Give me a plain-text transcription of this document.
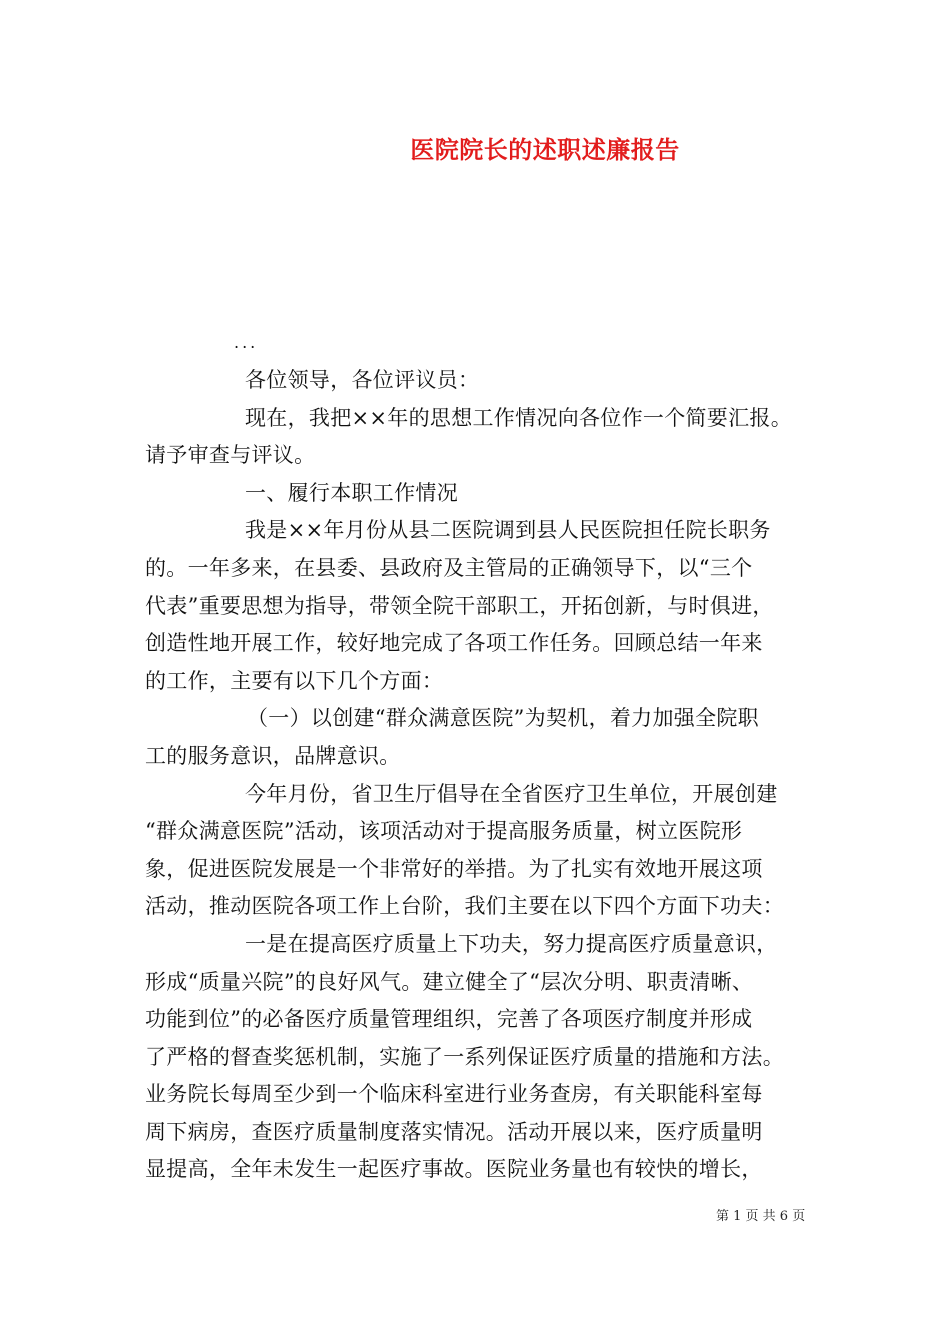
医院院长的述职述廉报告
...
各位领导，各位评议员：
现在，我把××年的思想工作情况向各位作一个简要汇报。
请予审查与评议。
一、履行本职工作情况
我是××年月份从县二医院调到县人民医院担任院长职务
的。一年多来，在县委、县政府及主管局的正确领导下，以“三个
代表”重要思想为指导，带领全院干部职工，开拓创新，与时俱进，
创造性地开展工作，较好地完成了各项工作任务。回顾总结一年来
的工作，主要有以下几个方面：
（一）以创建“群众满意医院”为契机，着力加强全院职
工的服务意识，品牌意识。
今年月份，省卫生厅倡导在全省医疗卫生单位，开展创建
“群众满意医院”活动，该项活动对于提高服务质量，树立医院形
象，促进医院发展是一个非常好的举措。为了扎实有效地开展这项
活动，推动医院各项工作上台阶，我们主要在以下四个方面下功夫：
一是在提高医疗质量上下功夫，努力提高医疗质量意识，
形成“质量兴院”的良好风气。建立健全了“层次分明、职责清晰、
功能到位”的必备医疗质量管理组织，完善了各项医疗制度并形成
了严格的督查奖惩机制，实施了一系列保证医疗质量的措施和方法。
业务院长每周至少到一个临床科室进行业务查房，有关职能科室每
周下病房，查医疗质量制度落实情况。活动开展以来，医疗质量明
显提高，全年未发生一起医疗事故。医院业务量也有较快的增长，
第 1 页 共 6 页
